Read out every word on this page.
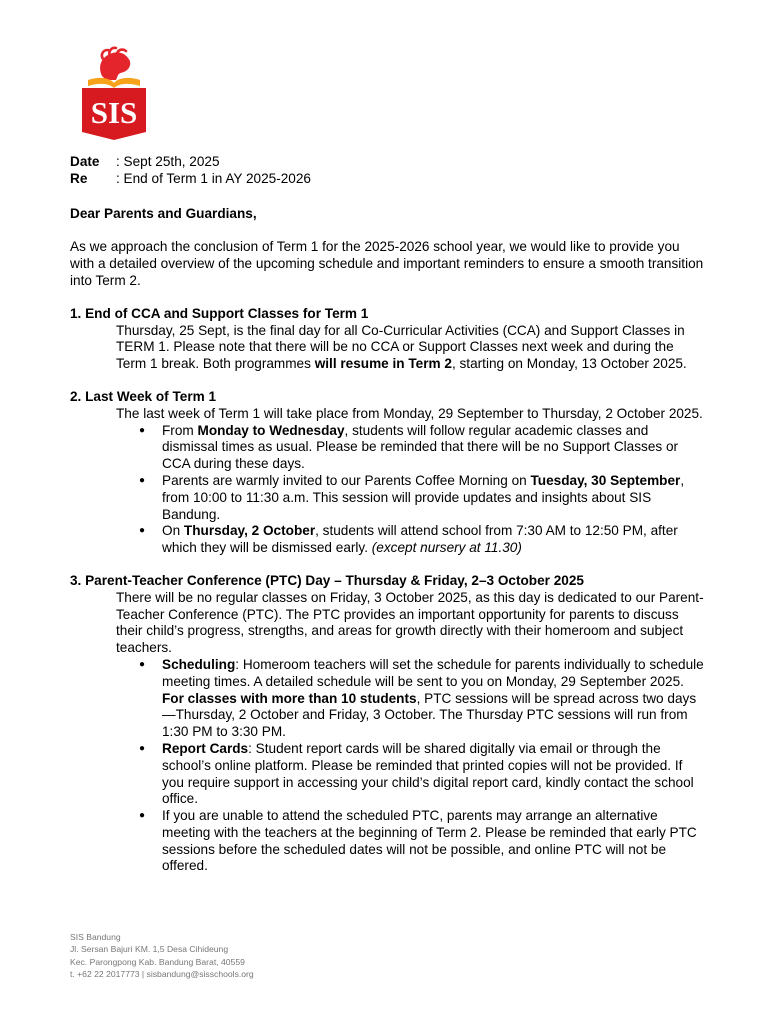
SIS
Date	: Sept 25th, 2025
Re	: End of Term 1 in AY 2025-2026
Dear Parents and Guardians,
As we approach the conclusion of Term 1 for the 2025-2026 school year, we would like to provide you with a detailed overview of the upcoming schedule and important reminders to ensure a smooth transition into Term 2.
1. End of CCA and Support Classes for Term 1
Thursday, 25 Sept, is the final day for all Co-Curricular Activities (CCA) and Support Classes in TERM 1. Please note that there will be no CCA or Support Classes next week and during the Term 1 break. Both programmes will resume in Term 2, starting on Monday, 13 October 2025.
2. Last Week of Term 1
The last week of Term 1 will take place from Monday, 29 September to Thursday, 2 October 2025.
● From Monday to Wednesday, students will follow regular academic classes and dismissal times as usual. Please be reminded that there will be no Support Classes or CCA during these days.
● Parents are warmly invited to our Parents Coffee Morning on Tuesday, 30 September, from 10:00 to 11:30 a.m. This session will provide updates and insights about SIS Bandung.
● On Thursday, 2 October, students will attend school from 7:30 AM to 12:50 PM, after which they will be dismissed early. (except nursery at 11.30)
3. Parent-Teacher Conference (PTC) Day – Thursday & Friday, 2–3 October 2025
There will be no regular classes on Friday, 3 October 2025, as this day is dedicated to our Parent-Teacher Conference (PTC). The PTC provides an important opportunity for parents to discuss their child’s progress, strengths, and areas for growth directly with their homeroom and subject teachers.
● Scheduling: Homeroom teachers will set the schedule for parents individually to schedule meeting times. A detailed schedule will be sent to you on Monday, 29 September 2025. For classes with more than 10 students, PTC sessions will be spread across two days—Thursday, 2 October and Friday, 3 October. The Thursday PTC sessions will run from 1:30 PM to 3:30 PM.
● Report Cards: Student report cards will be shared digitally via email or through the school’s online platform. Please be reminded that printed copies will not be provided. If you require support in accessing your child’s digital report card, kindly contact the school office.
● If you are unable to attend the scheduled PTC, parents may arrange an alternative meeting with the teachers at the beginning of Term 2. Please be reminded that early PTC sessions before the scheduled dates will not be possible, and online PTC will not be offered.
SIS Bandung
Jl. Sersan Bajuri KM. 1,5 Desa Cihideung
Kec. Parongpong Kab. Bandung Barat, 40559
t. +62 22 2017773 | sisbandung@sisschools.org
